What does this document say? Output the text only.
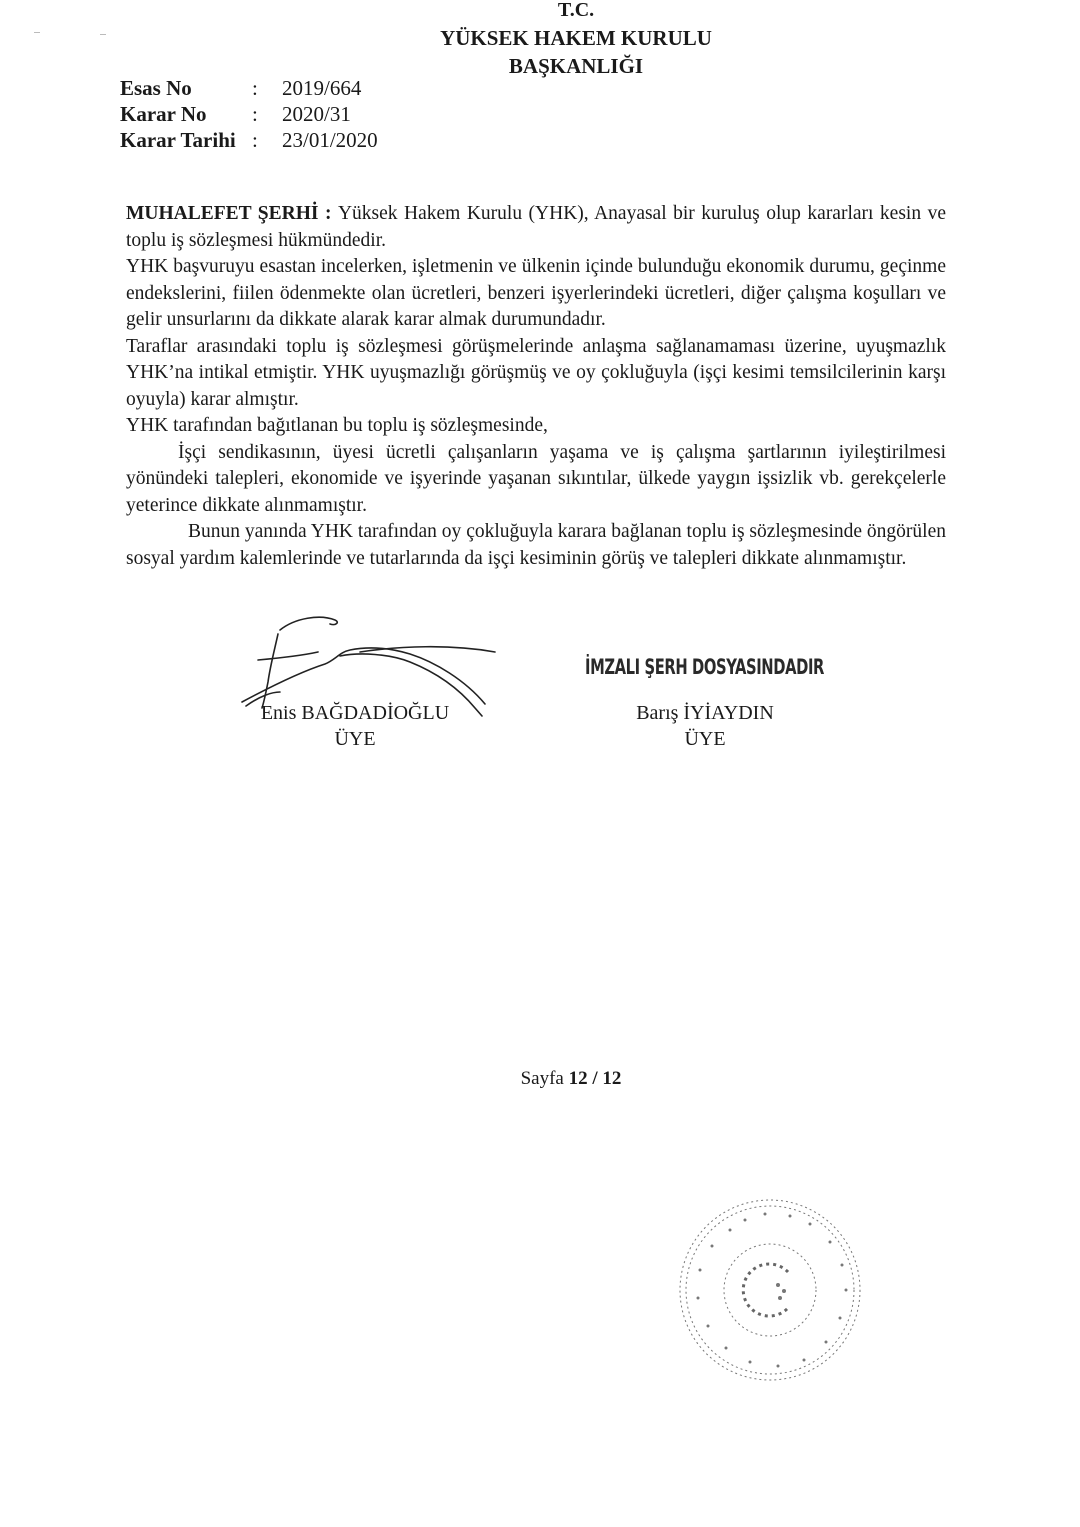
T.C.
YÜKSEK HAKEM KURULU
BAŞKANLIĞI
Esas No	:	2019/664
Karar No	:	2020/31
Karar Tarihi :	23/01/2020

MUHALEFET ŞERHİ : Yüksek Hakem Kurulu (YHK), Anayasal bir kuruluş olup kararları kesin ve toplu iş sözleşmesi hükmündedir.

YHK başvuruyu esastan incelerken, işletmenin ve ülkenin içinde bulunduğu ekonomik durumu, geçinme endekslerini, fiilen ödenmekte olan ücretleri, benzeri işyerlerindeki ücretleri, diğer çalışma koşulları ve gelir unsurlarını da dikkate alarak karar almak durumundadır.

Taraflar arasındaki toplu iş sözleşmesi görüşmelerinde anlaşma sağlanamaması üzerine, uyuşmazlık YHK’na intikal etmiştir. YHK uyuşmazlığı görüşmüş ve oy çokluğuyla (işçi kesimi temsilcilerinin karşı oyuyla) karar almıştır.

YHK tarafından bağıtlanan bu toplu iş sözleşmesinde,

İşçi sendikasının, üyesi ücretli çalışanların yaşama ve iş çalışma şartlarının iyileştirilmesi yönündeki talepleri, ekonomide ve işyerinde yaşanan sıkıntılar, ülkede yaygın işsizlik vb. gerekçelerle yeterince dikkate alınmamıştır.

Bunun yanında YHK tarafından oy çokluğuyla karara bağlanan toplu iş sözleşmesinde öngörülen sosyal yardım kalemlerinde ve tutarlarında da işçi kesiminin görüş ve talepleri dikkate alınmamıştır.

Enis BAĞDADİOĞLU
ÜYE
İMZALI ŞERH DOSYASINDADIR
Barış İYİAYDIN
ÜYE
Sayfa 12 / 12
